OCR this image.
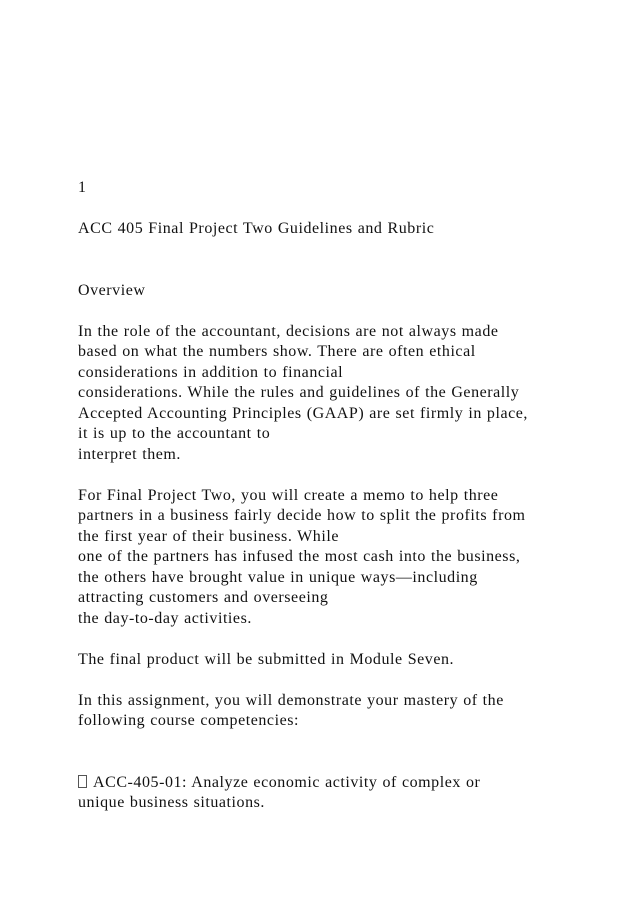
1
ACC 405 Final Project Two Guidelines and Rubric
Overview
In the role of the accountant, decisions are not always made
based on what the numbers show. There are often ethical
considerations in addition to financial
considerations. While the rules and guidelines of the Generally
Accepted Accounting Principles (GAAP) are set firmly in place,
it is up to the accountant to
interpret them.
For Final Project Two, you will create a memo to help three
partners in a business fairly decide how to split the profits from
the first year of their business. While
one of the partners has infused the most cash into the business,
the others have brought value in unique ways—including
attracting customers and overseeing
the day-to-day activities.
The final product will be submitted in Module Seven.
In this assignment, you will demonstrate your mastery of the
following course competencies:
ACC-405-01: Analyze economic activity of complex or
unique business situations.
